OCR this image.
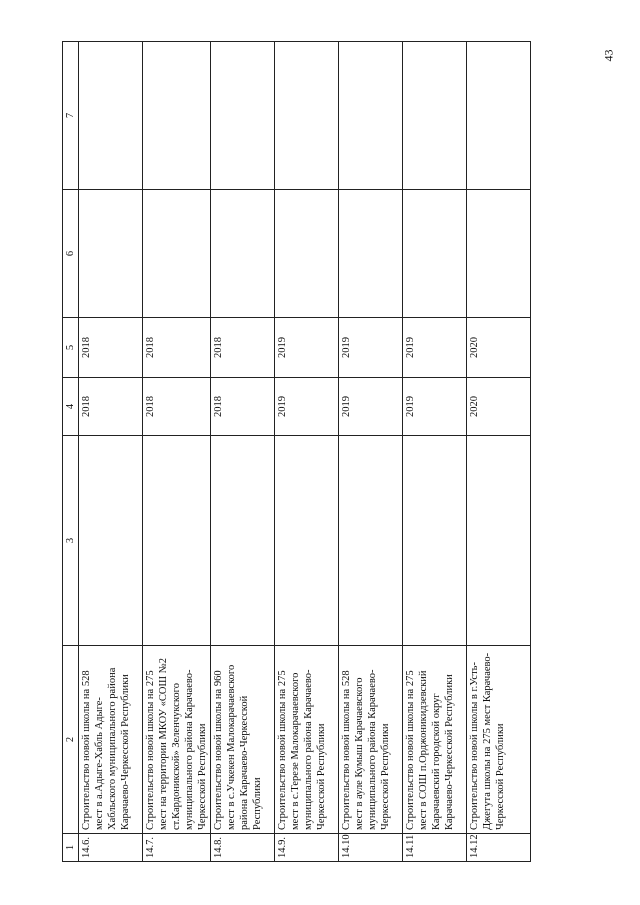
43
1	2	3	4	5	6	7
14.6.	Строительство новой школы на 528 мест в а.Адыге-Хабль Адыге-Хабльского муниципального района Карачаево-Черкесской Республики		2018	2018		
14.7.	Строительство новой школы на 275 мест на территории МКОУ «СОШ №2 ст.Кардоникской» Зеленчукского муниципального района Карачаево-Черкесской Республики		2018	2018		
14.8.	Строительство новой школы на 960 мест в с.Учкекен Малокарачаевского района Карачаево-Черкесской Республики		2018	2018		
14.9.	Строительство новой школы на 275 мест в с.Терезе Малокарачаевского муниципального района Карачаево-Черкесской Республики		2019	2019		
14.10	Строительство новой школы на 528 мест в ауле Кумыш Карачаевского муниципального района Карачаево-Черкесской Республики		2019	2019		
14.11	Строительство новой школы на 275 мест в СОШ п.Орджоникидзевский Карачаевский городской округ Карачаево-Черкесской Республики		2019	2019		
14.12	Строительство новой школы в г.Усть-Джегута школы на 275 мест Карачаево-Черкесской Республики		2020	2020		
